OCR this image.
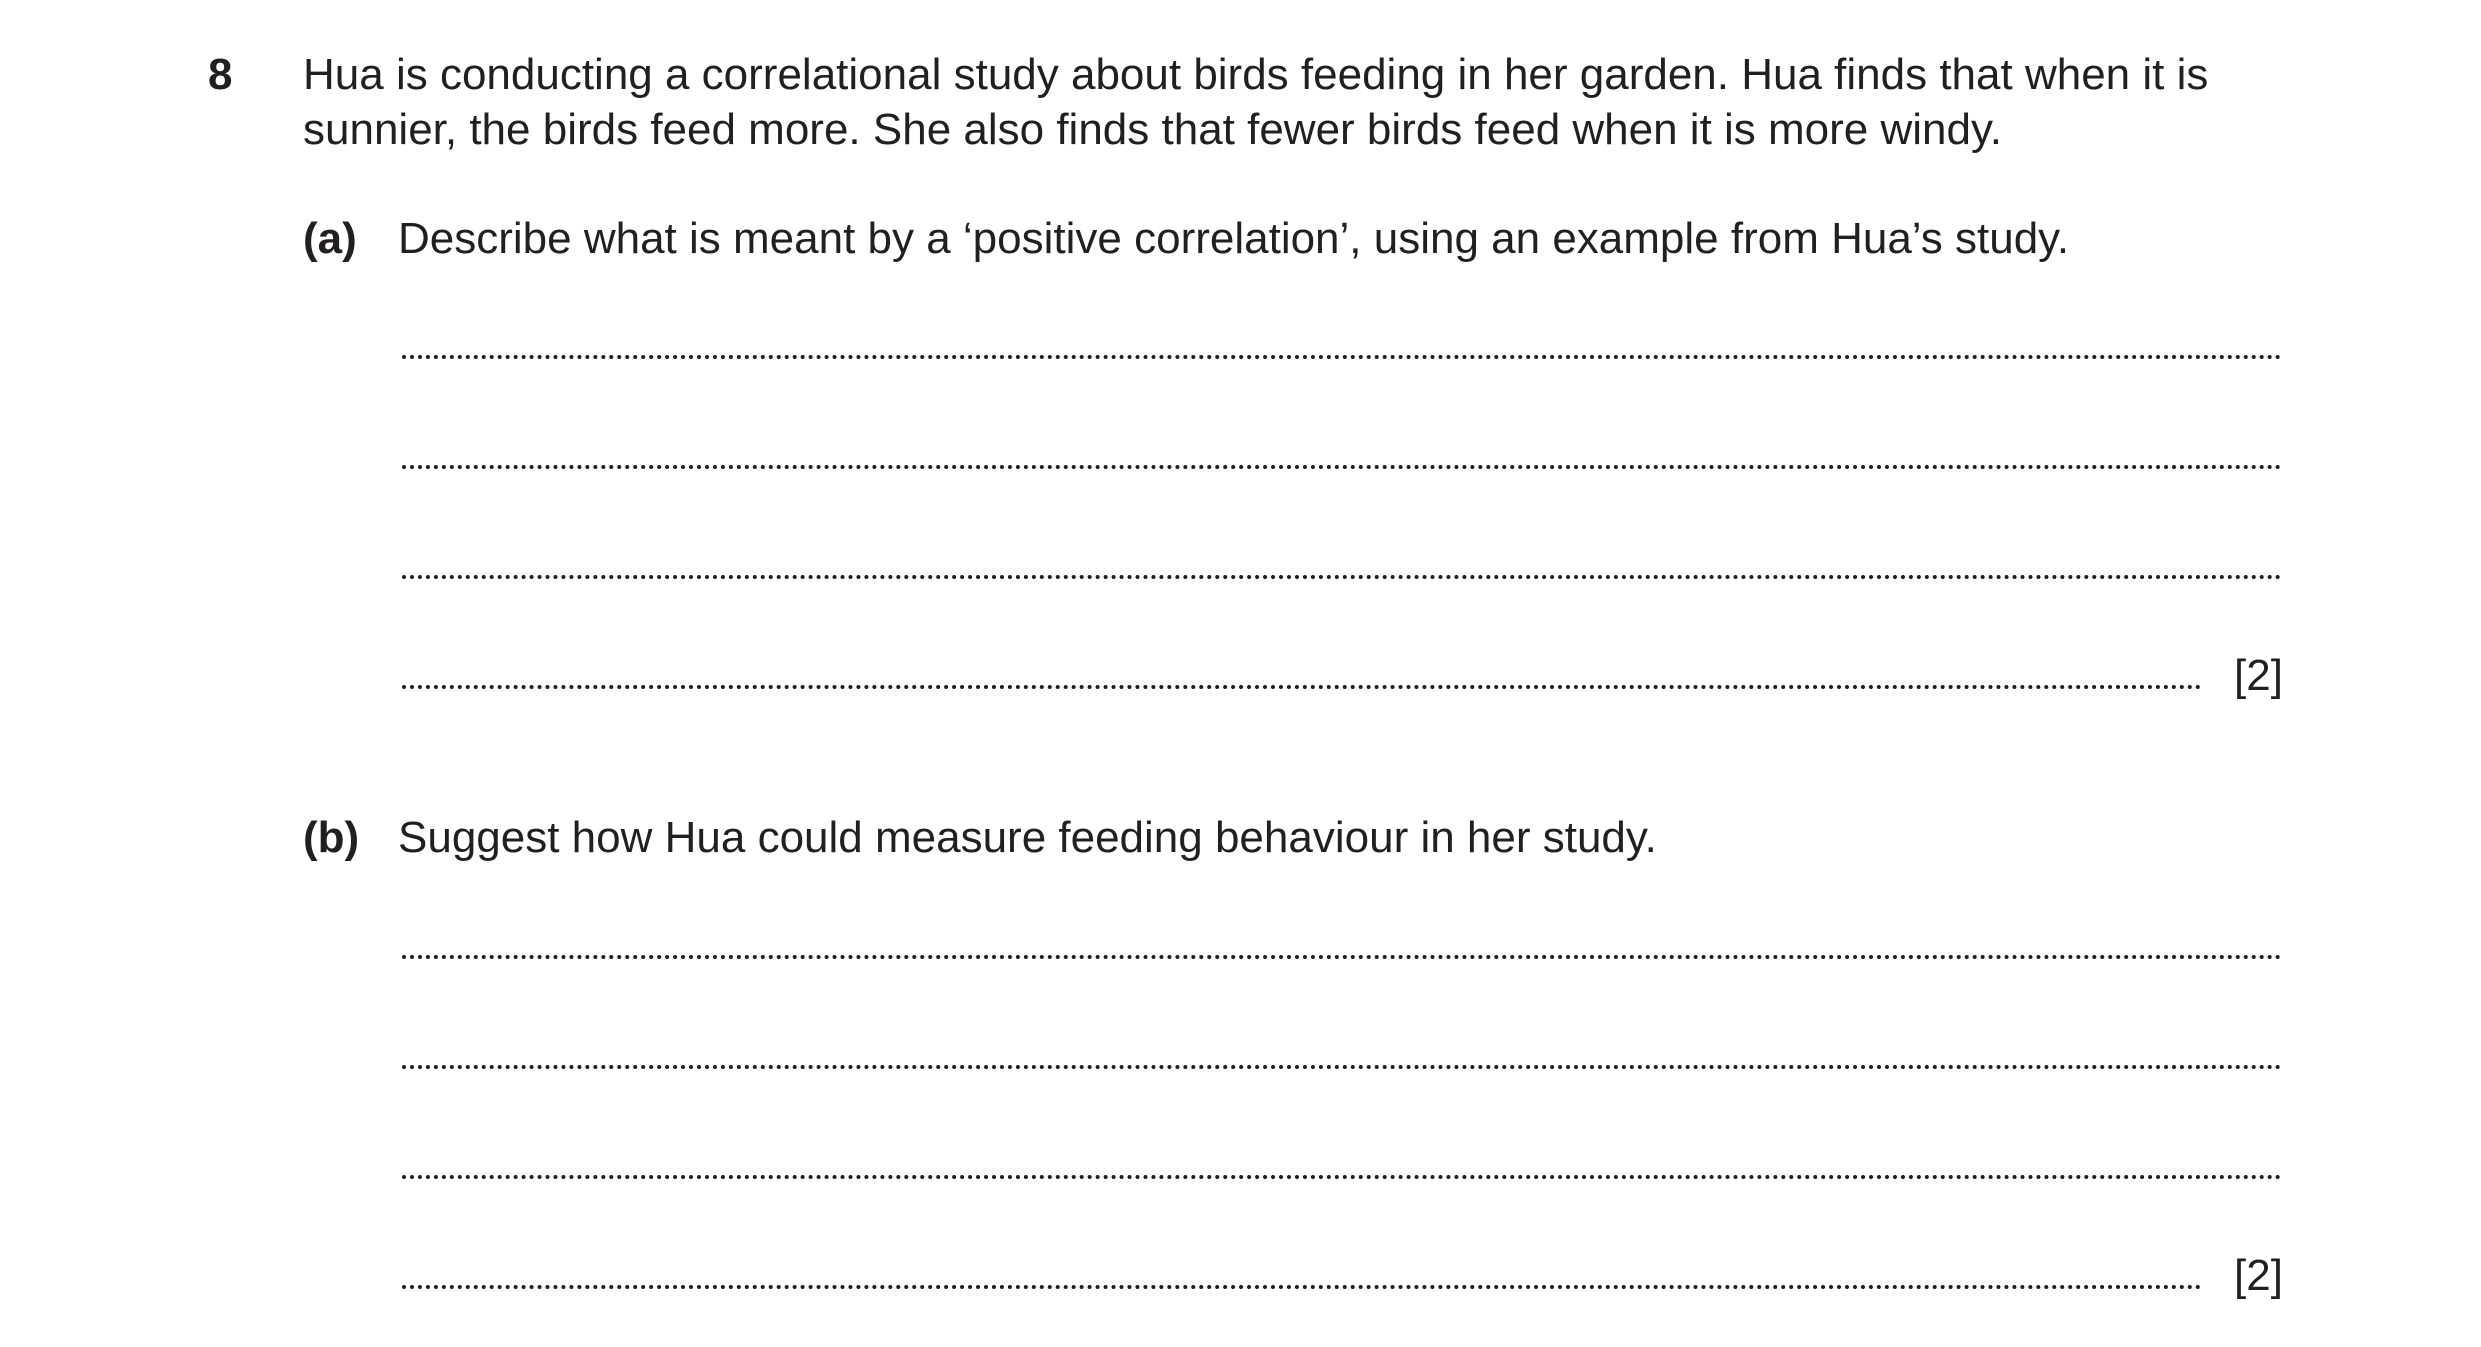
8 Hua is conducting a correlational study about birds feeding in her garden. Hua finds that when it is
sunnier, the birds feed more. She also finds that fewer birds feed when it is more windy.
(a) Describe what is meant by a ‘positive correlation’, using an example from Hua’s study.
[2]
(b) Suggest how Hua could measure feeding behaviour in her study.
[2]
